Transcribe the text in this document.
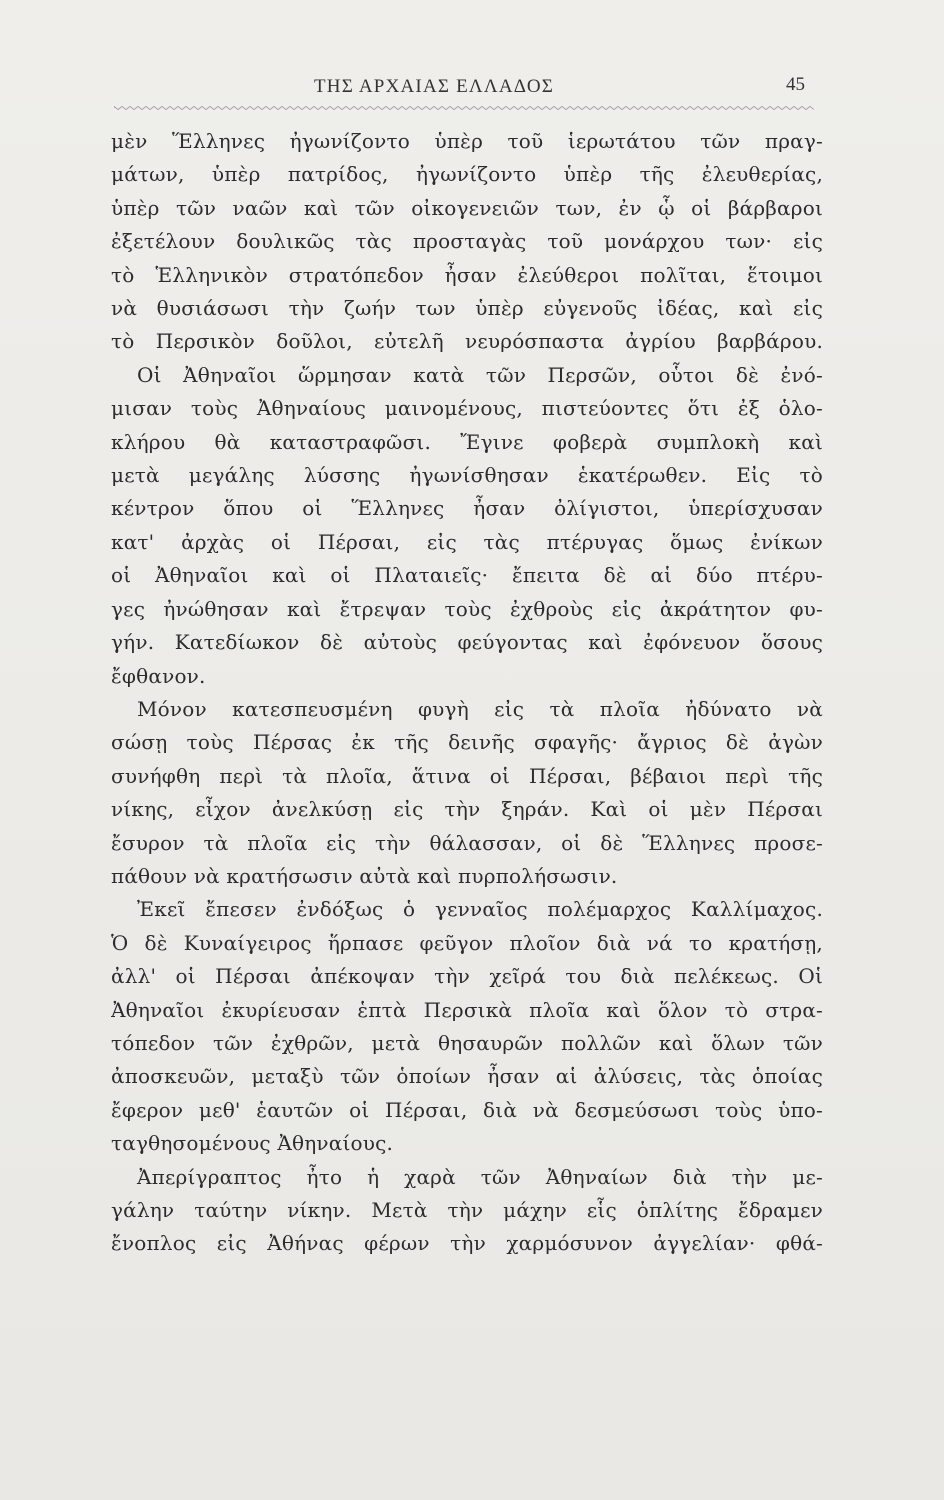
ΤΗΣ ΑΡΧΑΙΑΣ ΕΛΛΑΔΟΣ	45
μὲν Ἕλληνες ἠγωνίζοντο ὑπὲρ τοῦ ἱερωτάτου τῶν πραγ-
μάτων, ὑπὲρ πατρίδος, ἠγωνίζοντο ὑπὲρ τῆς ἐλευθερίας,
ὑπὲρ τῶν ναῶν καὶ τῶν οἰκογενειῶν των, ἐν ᾧ οἱ βάρβαροι
ἐξετέλουν δουλικῶς τὰς προσταγὰς τοῦ μονάρχου των· εἰς
τὸ Ἑλληνικὸν στρατόπεδον ἦσαν ἐλεύθεροι πολῖται, ἕτοιμοι
νὰ θυσιάσωσι τὴν ζωήν των ὑπὲρ εὐγενοῦς ἰδέας, καὶ εἰς
τὸ Περσικὸν δοῦλοι, εὐτελῆ νευρόσπαστα ἀγρίου βαρβάρου.
Οἱ Ἀθηναῖοι ὥρμησαν κατὰ τῶν Περσῶν, οὗτοι δὲ ἐνό-
μισαν τοὺς Ἀθηναίους μαινομένους, πιστεύοντες ὅτι ἐξ ὁλο-
κλήρου θὰ καταστραφῶσι. Ἔγινε φοβερὰ συμπλοκὴ καὶ
μετὰ μεγάλης λύσσης ἠγωνίσθησαν ἑκατέρωθεν. Εἰς τὸ
κέντρον ὅπου οἱ Ἕλληνες ἦσαν ὀλίγιστοι, ὑπερίσχυσαν
κατ' ἀρχὰς οἱ Πέρσαι, εἰς τὰς πτέρυγας ὅμως ἐνίκων
οἱ Ἀθηναῖοι καὶ οἱ Πλαταιεῖς· ἔπειτα δὲ αἱ δύο πτέρυ-
γες ἠνώθησαν καὶ ἔτρεψαν τοὺς ἐχθροὺς εἰς ἀκράτητον φυ-
γήν. Κατεδίωκον δὲ αὐτοὺς φεύγοντας καὶ ἐφόνευον ὅσους
ἔφθανον.
Μόνον κατεσπευσμένη φυγὴ εἰς τὰ πλοῖα ἠδύνατο νὰ
σώσῃ τοὺς Πέρσας ἐκ τῆς δεινῆς σφαγῆς· ἄγριος δὲ ἀγὼν
συνήφθη περὶ τὰ πλοῖα, ἅτινα οἱ Πέρσαι, βέβαιοι περὶ τῆς
νίκης, εἶχον ἀνελκύσῃ εἰς τὴν ξηράν. Καὶ οἱ μὲν Πέρσαι
ἔσυρον τὰ πλοῖα εἰς τὴν θάλασσαν, οἱ δὲ Ἕλληνες προσε-
πάθουν νὰ κρατήσωσιν αὐτὰ καὶ πυρπολήσωσιν.
Ἐκεῖ ἔπεσεν ἐνδόξως ὁ γενναῖος πολέμαρχος Καλλίμαχος.
Ὁ δὲ Κυναίγειρος ἥρπασε φεῦγον πλοῖον διὰ νά το κρατήσῃ,
ἀλλ' οἱ Πέρσαι ἀπέκοψαν τὴν χεῖρά του διὰ πελέκεως. Οἱ
Ἀθηναῖοι ἐκυρίευσαν ἑπτὰ Περσικὰ πλοῖα καὶ ὅλον τὸ στρα-
τόπεδον τῶν ἐχθρῶν, μετὰ θησαυρῶν πολλῶν καὶ ὅλων τῶν
ἀποσκευῶν, μεταξὺ τῶν ὁποίων ἦσαν αἱ ἀλύσεις, τὰς ὁποίας
ἔφερον μεθ' ἑαυτῶν οἱ Πέρσαι, διὰ νὰ δεσμεύσωσι τοὺς ὑπο-
ταγθησομένους Ἀθηναίους.
Ἀπερίγραπτος ἦτο ἡ χαρὰ τῶν Ἀθηναίων διὰ τὴν με-
γάλην ταύτην νίκην. Μετὰ τὴν μάχην εἷς ὁπλίτης ἔδραμεν
ἔνοπλος εἰς Ἀθήνας φέρων τὴν χαρμόσυνον ἀγγελίαν· φθά-
